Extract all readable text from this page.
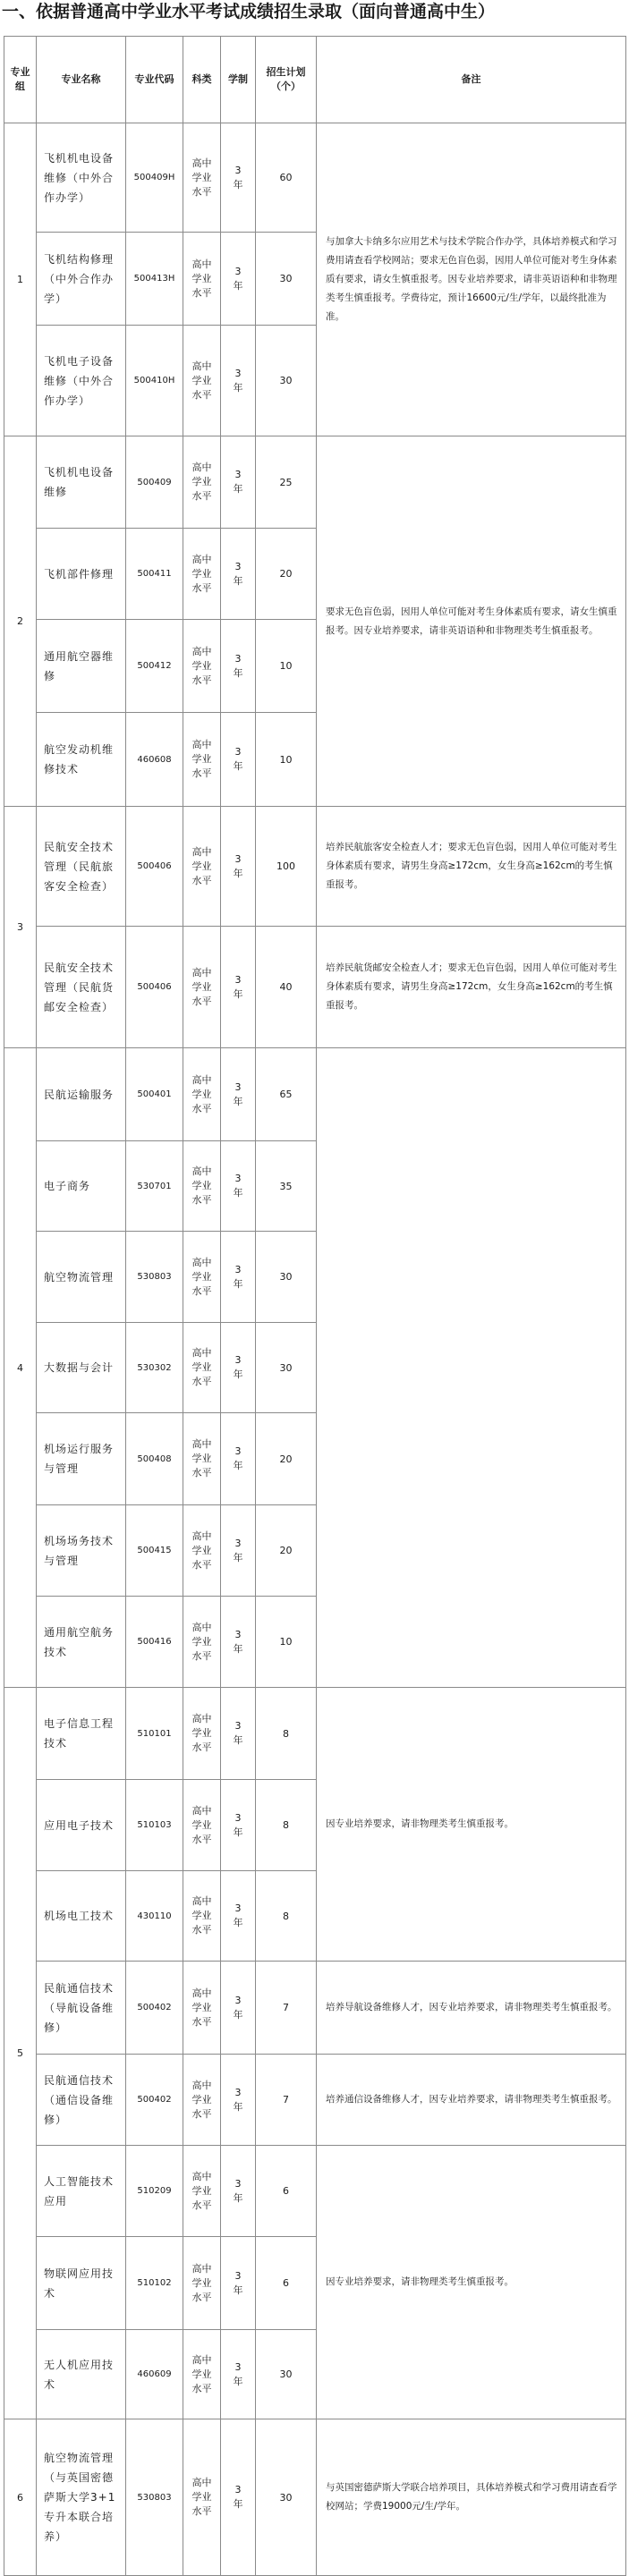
一、依据普通高中学业水平考试成绩招生录取（面向普通高中生）
专业组	专业名称	专业代码	科类	学制	招生计划（个）	备注
1	飞机机电设备维修（中外合作办学）	500409H	高中学业水平	3年	60	与加拿大卡纳多尔应用艺术与技术学院合作办学，具体培养模式和学习费用请查看学校网站；要求无色盲色弱，因用人单位可能对考生身体素质有要求，请女生慎重报考。因专业培养要求，请非英语语种和非物理类考生慎重报考。学费待定，预计16600元/生/学年，以最终批准为准。
	飞机结构修理（中外合作办学）	500413H	高中学业水平	3年	30	
	飞机电子设备维修（中外合作办学）	500410H	高中学业水平	3年	30	
2	飞机机电设备维修	500409	高中学业水平	3年	25	要求无色盲色弱，因用人单位可能对考生身体素质有要求，请女生慎重报考。因专业培养要求，请非英语语种和非物理类考生慎重报考。
	飞机部件修理	500411	高中学业水平	3年	20	
	通用航空器维修	500412	高中学业水平	3年	10	
	航空发动机维修技术	460608	高中学业水平	3年	10	
3	民航安全技术管理（民航旅客安全检查）	500406	高中学业水平	3年	100	培养民航旅客安全检查人才；要求无色盲色弱，因用人单位可能对考生身体素质有要求，请男生身高≥172cm，女生身高≥162cm的考生慎重报考。
	民航安全技术管理（民航货邮安全检查）	500406	高中学业水平	3年	40	培养民航货邮安全检查人才；要求无色盲色弱，因用人单位可能对考生身体素质有要求，请男生身高≥172cm，女生身高≥162cm的考生慎重报考。
4	民航运输服务	500401	高中学业水平	3年	65	
	电子商务	530701	高中学业水平	3年	35	
	航空物流管理	530803	高中学业水平	3年	30	
	大数据与会计	530302	高中学业水平	3年	30	
	机场运行服务与管理	500408	高中学业水平	3年	20	
	机场场务技术与管理	500415	高中学业水平	3年	20	
	通用航空航务技术	500416	高中学业水平	3年	10	
5	电子信息工程技术	510101	高中学业水平	3年	8	因专业培养要求，请非物理类考生慎重报考。
	应用电子技术	510103	高中学业水平	3年	8	
	机场电工技术	430110	高中学业水平	3年	8	
	民航通信技术（导航设备维修）	500402	高中学业水平	3年	7	培养导航设备维修人才，因专业培养要求，请非物理类考生慎重报考。
	民航通信技术（通信设备维修）	500402	高中学业水平	3年	7	培养通信设备维修人才，因专业培养要求，请非物理类考生慎重报考。
	人工智能技术应用	510209	高中学业水平	3年	6	因专业培养要求，请非物理类考生慎重报考。
	物联网应用技术	510102	高中学业水平	3年	6	
	无人机应用技术	460609	高中学业水平	3年	30	
6	航空物流管理（与英国密德萨斯大学3+1专升本联合培养）	530803	高中学业水平	3年	30	与英国密德萨斯大学联合培养项目，具体培养模式和学习费用请查看学校网站；学费19000元/生/学年。
